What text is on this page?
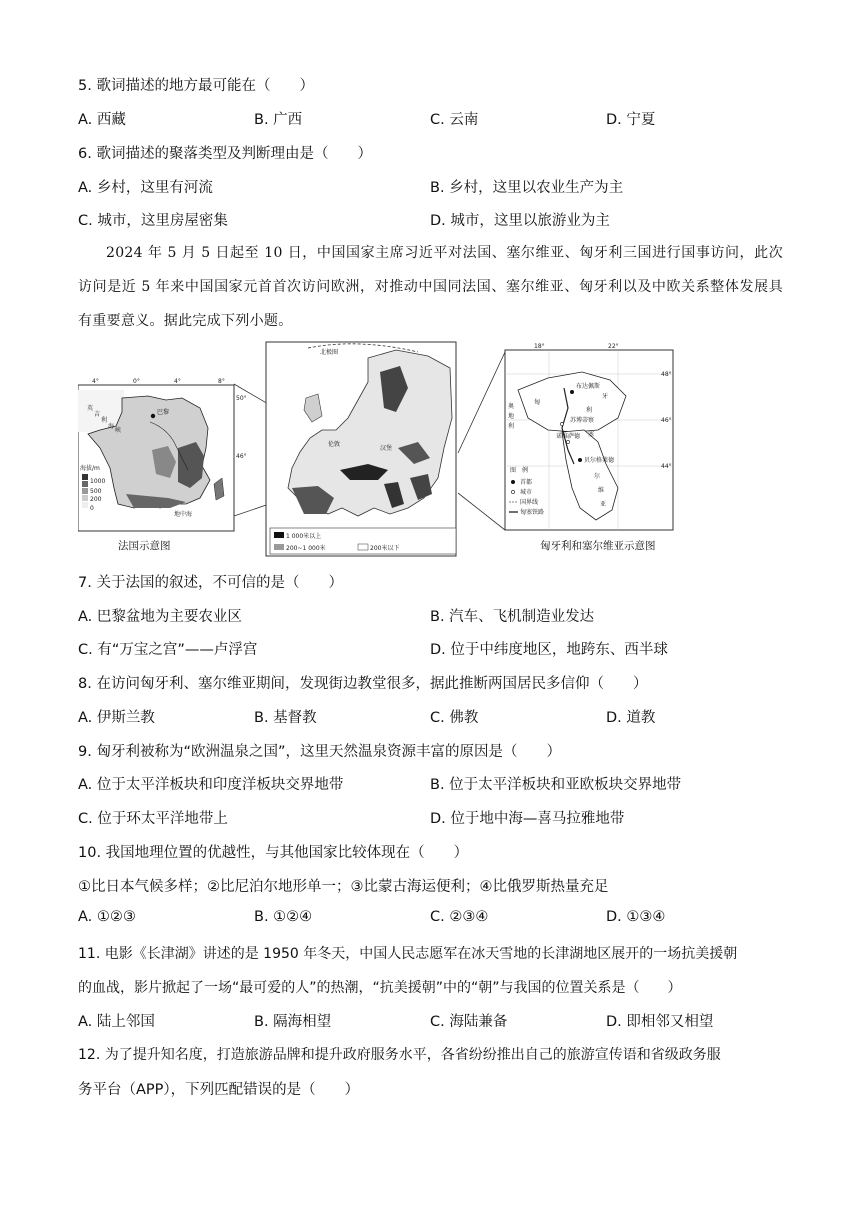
5. 歌词描述的地方最可能在（　　）
A. 西藏	B. 广西	C. 云南	D. 宁夏
6. 歌词描述的聚落类型及判断理由是（　　）
A. 乡村，这里有河流	B. 乡村，这里以农业生产为主
C. 城市，这里房屋密集	D. 城市，这里以旅游业为主
2024 年 5 月 5 日起至 10 日，中国国家主席习近平对法国、塞尔维亚、匈牙利三国进行国事访问，此次访问是近 5 年来中国国家元首首次访问欧洲，对推动中国同法国、塞尔维亚、匈牙利以及中欧关系整体发展具有重要意义。据此完成下列小题。
4°	0°	4°	8°
50°
46°
英
吉
利
海
峡
巴黎
地中海
海拔/m
1000
500
200
0
北极圈
伦敦
汉堡
1 000米以上
200~1 000米	200米以下
18°	22°
48°
46°
44°
布达佩斯
匈
牙
利
苏博蒂察
塞
诺维萨德
贝尔格莱德
尔
维
亚
奥
地
利
图　例
首都
城市
国界线
匈塞铁路
法国示意图	匈牙利和塞尔维亚示意图
7. 关于法国的叙述，不可信的是（　　）
A. 巴黎盆地为主要农业区	B. 汽车、飞机制造业发达
C. 有“万宝之宫”——卢浮宫	D. 位于中纬度地区，地跨东、西半球
8. 在访问匈牙利、塞尔维亚期间，发现街边教堂很多，据此推断两国居民多信仰（　　）
A. 伊斯兰教	B. 基督教	C. 佛教	D. 道教
9. 匈牙利被称为“欧洲温泉之国”，这里天然温泉资源丰富的原因是（　　）
A. 位于太平洋板块和印度洋板块交界地带	B. 位于太平洋板块和亚欧板块交界地带
C. 位于环太平洋地带上	D. 位于地中海—喜马拉雅地带
10. 我国地理位置的优越性，与其他国家比较体现在（　　）
①比日本气候多样；②比尼泊尔地形单一；③比蒙古海运便利；④比俄罗斯热量充足
A. ①②③	B. ①②④	C. ②③④	D. ①③④
11. 电影《长津湖》讲述的是 1950 年冬天，中国人民志愿军在冰天雪地的长津湖地区展开的一场抗美援朝
的血战，影片掀起了一场“最可爱的人”的热潮，“抗美援朝”中的“朝”与我国的位置关系是（　　）
A. 陆上邻国	B. 隔海相望	C. 海陆兼备	D. 即相邻又相望
12. 为了提升知名度，打造旅游品牌和提升政府服务水平，各省纷纷推出自己的旅游宣传语和省级政务服
务平台（APP），下列匹配错误的是（　　）
